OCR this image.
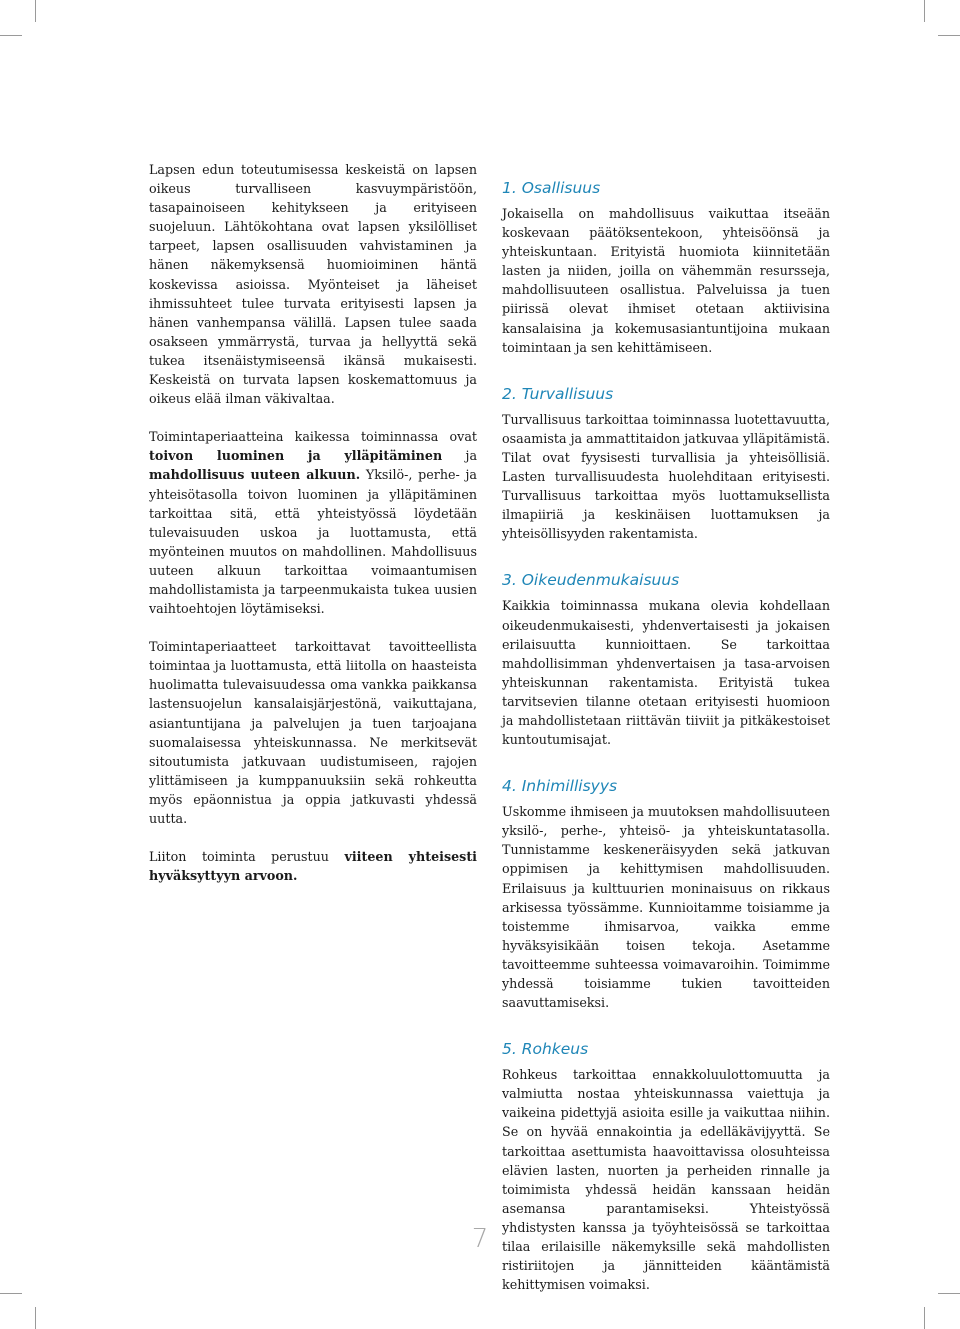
Lapsen edun toteutumisessa keskeistä on lapsen oikeus turvalliseen kasvuympäristöön, tasapainoiseen kehitykseen ja erityiseen suojeluun. Lähtökohtana ovat lapsen yksilölliset tarpeet, lapsen osallisuuden vahvistaminen ja hänen näkemyksensä huomioiminen häntä koskevissa asioissa. Myönteiset ja läheiset ihmissuhteet tulee turvata erityisesti lapsen ja hänen vanhempansa välillä. Lapsen tulee saada osakseen ymmärrystä, turvaa ja hellyyttä sekä tukea itsenäistymiseensä ikänsä mukaisesti. Keskeistä on turvata lapsen koskemattomuus ja oikeus elää ilman väkivaltaa.

Toimintaperiaatteina kaikessa toiminnassa ovat toivon luominen ja ylläpitäminen ja mahdollisuus uuteen alkuun. Yksilö-, perhe- ja yhteisötasolla toivon luominen ja ylläpitäminen tarkoittaa sitä, että yhteistyössä löydetään tulevaisuuden uskoa ja luottamusta, että myönteinen muutos on mahdollinen. Mahdollisuus uuteen alkuun tarkoittaa voimaantumisen mahdollistamista ja tarpeenmukaista tukea uusien vaihtoehtojen löytämiseksi.

Toimintaperiaatteet tarkoittavat tavoitteellista toimintaa ja luottamusta, että liitolla on haasteista huolimatta tulevaisuudessa oma vankka paikkansa lastensuojelun kansalaisjärjestönä, vaikuttajana, asiantuntijana ja palvelujen ja tuen tarjoajana suomalaisessa yhteiskunnassa. Ne merkitsevät sitoutumista jatkuvaan uudistumiseen, rajojen ylittämiseen ja kumppanuuksiin sekä rohkeutta myös epäonnistua ja oppia jatkuvasti yhdessä uutta.

Liiton toiminta perustuu viiteen yhteisesti hyväksyttyyn arvoon.

1. Osallisuus

Jokaisella on mahdollisuus vaikuttaa itseään koskevaan päätöksentekoon, yhteisöönsä ja yhteiskuntaan. Erityistä huomiota kiinnitetään lasten ja niiden, joilla on vähemmän resursseja, mahdollisuuteen osallistua. Palveluissa ja tuen piirissä olevat ihmiset otetaan aktiivisina kansalaisina ja kokemusasiantuntijoina mukaan toimintaan ja sen kehittämiseen.

2. Turvallisuus

Turvallisuus tarkoittaa toiminnassa luotettavuutta, osaamista ja ammattitaidon jatkuvaa ylläpitämistä. Tilat ovat fyysisesti turvallisia ja yhteisöllisiä. Lasten turvallisuudesta huolehditaan erityisesti. Turvallisuus tarkoittaa myös luottamuksellista ilmapiiriä ja keskinäisen luottamuksen ja yhteisöllisyyden rakentamista.

3. Oikeudenmukaisuus

Kaikkia toiminnassa mukana olevia kohdellaan oikeudenmukaisesti, yhdenvertaisesti ja jokaisen erilaisuutta kunnioittaen. Se tarkoittaa mahdollisimman yhdenvertaisen ja tasa-arvoisen yhteiskunnan rakentamista. Erityistä tukea tarvitsevien tilanne otetaan erityisesti huomioon ja mahdollistetaan riittävän tiiviit ja pitkäkestoiset kuntoutumisajat.

4. Inhimillisyys

Uskomme ihmiseen ja muutoksen mahdollisuuteen yksilö-, perhe-, yhteisö- ja yhteiskuntatasolla. Tunnistamme keskeneräisyyden sekä jatkuvan oppimisen ja kehittymisen mahdollisuuden. Erilaisuus ja kulttuurien moninaisuus on rikkaus arkisessa työssämme. Kunnioitamme toisiamme ja toistemme ihmisarvoa, vaikka emme hyväksyisikään toisen tekoja. Asetamme tavoitteemme suhteessa voimavaroihin. Toimimme yhdessä toisiamme tukien tavoitteiden saavuttamiseksi.

5. Rohkeus

Rohkeus tarkoittaa ennakkoluulottomuutta ja valmiutta nostaa yhteiskunnassa vaiettuja ja vaikeina pidettyjä asioita esille ja vaikuttaa niihin. Se on hyvää ennakointia ja edelläkävijyyttä. Se tarkoittaa asettumista haavoittavissa olosuhteissa elävien lasten, nuorten ja perheiden rinnalle ja toimimista yhdessä heidän kanssaan heidän asemansa parantamiseksi. Yhteistyössä yhdistysten kanssa ja työyhteisössä se tarkoittaa tilaa erilaisille näkemyksille sekä mahdollisten ristiriitojen ja jännitteiden kääntämistä kehittymisen voimaksi.

7
